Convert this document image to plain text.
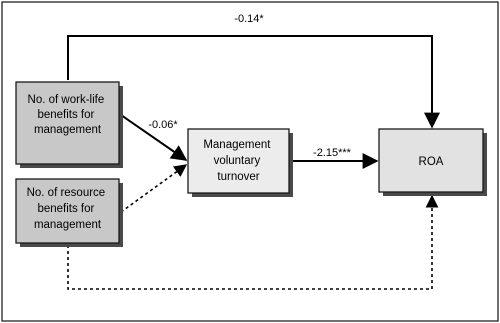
No. of work-life benefits for management
No. of resource benefits for management
Management voluntary turnover
ROA
-0.14*
-0.06*
-2.15***
